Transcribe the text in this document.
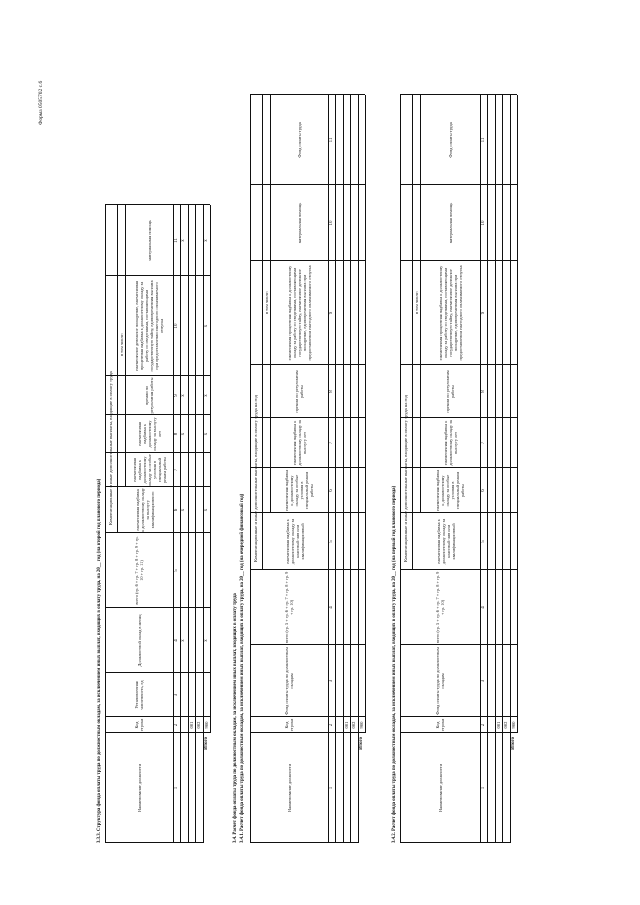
Форма 0505702 с.6
3.3.3. Структура фонда оплаты труда по должностным окладам, за исключением иных выплат, входящих в оплату труда, на 20__ год (на второй год планового периода)
Компенсационные и иные дополнительные выплаты, входящие в оплату труда
в том числе:
Наименование должности
Код строки
Установленная численность, ед
Должностной оклад в месяц
всего (гр. 6 + гр. 7 + гр. 8 + гр. 9 + гр. 10 + гр. 11)
ежемесячная надбавка к должностному окладу за выслугу квалификационного
ежемесячная надбавка к должностному окладу за особые условия в специальный режим работы
ежемесячная надбавка к должностному окладу за выслугу лет
премии по результатам работы
ежемесячное денежное поощрение, ежемесячная процентная надбавка к должностному окладу за работу со сведениями, составляющими государственную тайну, единовременная выплата при предоставлении ежегодного оплачиваемого отпуска
материальная помощь
1
2
3
4
5
6
7
8
9
10
11
001 002
Итого
900
x
x
x
x
x
x
x
x
x
x
x
3.4. Расчет фонда оплаты труда по должностным окладам, за исключением иных выплат, входящих в оплату труда 3.4.1. Расчет фонда оплаты труда по должностным окладам, за исключением иных выплат, входящих в оплату труда, на 20__ год (на очередной финансовый год)
Компенсационные и иные дополнительные выплаты, входящие в оплату труда на год
в том числе:
Наименование должности
Код строки
Фонд оплаты труда по должностным окладам
всего (гр. 5 + гр. 6 + гр. 7 + гр. 8 + гр. 9 + гр. 10)
ежемесячная надбавка к должностному окладу за классный чин или квалификационный
ежемесячная надбавка к должностному окладу за особые условия в специальный режим работы
ежемесячная надбавка к должностному окладу за выслугу лет
премии по результатам работы
ежемесячная процентная надбавка к должностному окладу за работу со сведениями, составляющими государственную тайну, ежемесячное денежное поощрение, единовременная выплата при предоставлении ежегодного оплачиваемого отпуска
материальная помощь
Фонд оплаты труда
1
2
3
4
5
6
7
8
9
10
11
001 002
Итого
900	3.4.2. Расчет фонда оплаты труда по должностным окладам, за исключением иных выплат, входящих в оплату труда, на 20__ год (на первый год планового периода)
Компенсационные и иные дополнительные выплаты, входящие в оплату труда на год
в том числе:
Наименование должности
Код строки
Фонд оплаты труда по должностным окладам
всего (гр. 5 + гр. 6 + гр. 7 + гр. 8 + гр. 9 + гр. 10)
ежемесячная надбавка к должностному окладу за классный чин или квалификационный
ежемесячная надбавка к должностному окладу за особые условия в специальный режим работы
ежемесячная надбавка к должностному окладу за выслугу лет
премии по результатам работы
ежемесячная процентная надбавка к должностному окладу за работу со сведениями, составляющими государственную тайну, ежемесячное денежное поощрение, единовременная выплата при предоставлении ежегодного оплачиваемого отпуска
материальная помощь
Фонд оплаты труда
1
2
3
4
5
6
7
8
9
10
11
001 002
Итого
900
